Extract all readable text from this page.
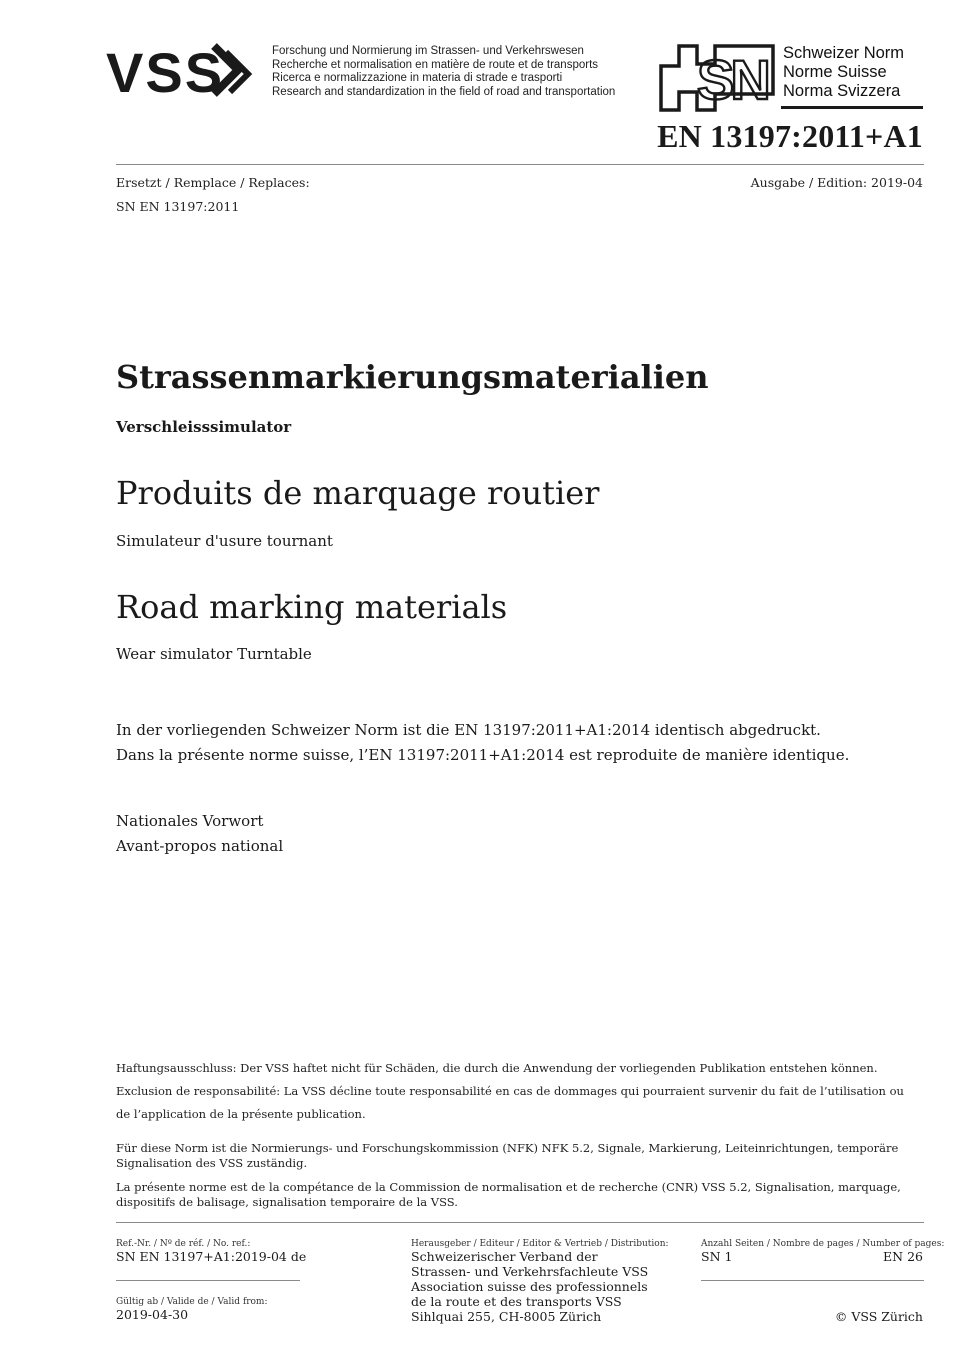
VSS	Forschung und Normierung im Strassen- und Verkehrswesen
Recherche et normalisation en matière de route et de transports
Ricerca e normalizzazione in materia di strade e trasporti
Research and standardization in the field of road and transportation SN Schweizer Norm
Norme Suisse
Norma Svizzera
EN 13197:2011+A1
Ersetzt / Remplace / Replaces:	Ausgabe / Edition: 2019-04
SN EN 13197:2011
Strassenmarkierungsmaterialien
Verschleisssimulator
Produits de marquage routier
Simulateur d'usure tournant
Road marking materials
Wear simulator Turntable
In der vorliegenden Schweizer Norm ist die EN 13197:2011+A1:2014 identisch abgedruckt.
Dans la présente norme suisse, l’EN 13197:2011+A1:2014 est reproduite de manière identique.
Nationales Vorwort
Avant-propos national
Haftungsausschluss: Der VSS haftet nicht für Schäden, die durch die Anwendung der vorliegenden Publikation entstehen können.
Exclusion de responsabilité: La VSS décline toute responsabilité en cas de dommages qui pourraient survenir du fait de l’utilisation ou
de l’application de la présente publication.
Für diese Norm ist die Normierungs- und Forschungskommission (NFK) NFK 5.2, Signale, Markierung, Leiteinrichtungen, temporäre Signalisation des VSS zuständig.
La présente norme est de la compétance de la Commission de normalisation et de recherche (CNR) VSS 5.2, Signalisation, marquage, dispositifs de balisage, signalisation temporaire de la VSS.
Ref.-Nr. / Nº de réf. / No. ref.:
SN EN 13197+A1:2019-04 de
Gültig ab / Valide de / Valid from:
2019-04-30
Herausgeber / Editeur / Editor & Vertrieb / Distribution:
Schweizerischer Verband der
Strassen- und Verkehrsfachleute VSS
Association suisse des professionnels
de la route et des transports VSS
Sihlquai 255, CH-8005 Zürich
Anzahl Seiten / Nombre de pages / Number of pages:
SN 1	EN 26
© VSS Zürich
